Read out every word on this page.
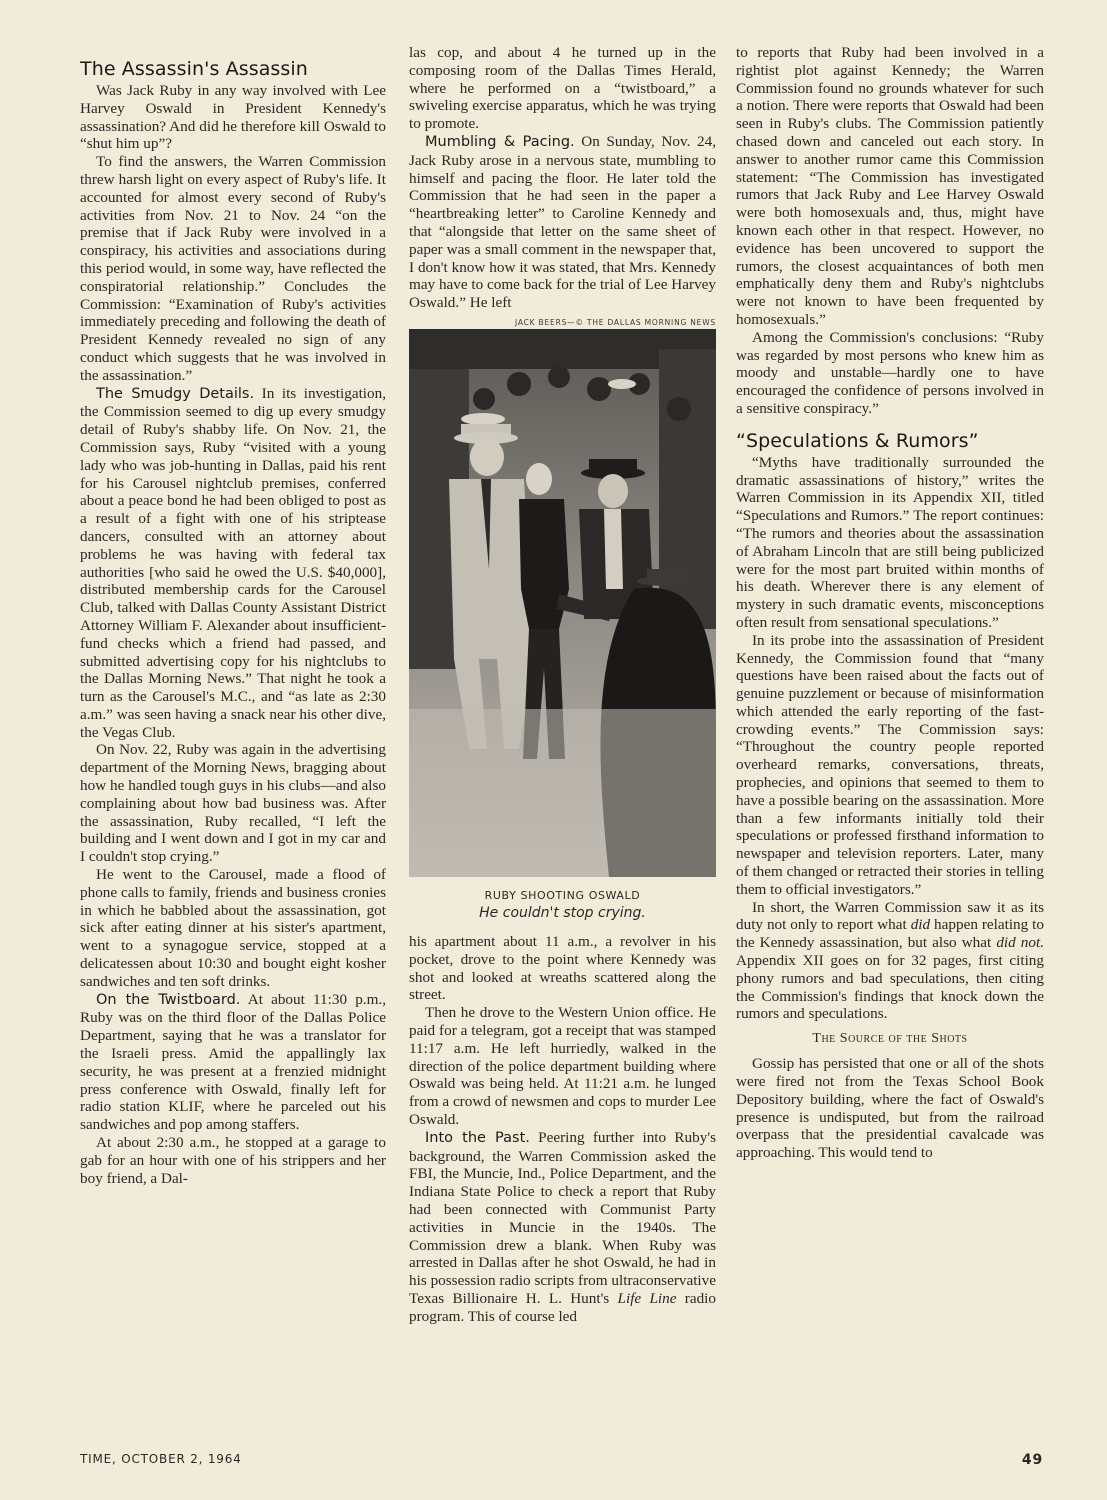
The Assassin's Assassin

Was Jack Ruby in any way involved with Lee Harvey Oswald in President Kennedy's assassination? And did he therefore kill Oswald to “shut him up”?

To find the answers, the Warren Commission threw harsh light on every aspect of Ruby's life. It accounted for almost every second of Ruby's activities from Nov. 21 to Nov. 24 “on the premise that if Jack Ruby were involved in a conspiracy, his activities and associations during this period would, in some way, have reflected the conspiratorial relationship.” Concludes the Commission: “Examination of Ruby's activities immediately preceding and following the death of President Kennedy revealed no sign of any conduct which suggests that he was involved in the assassination.”

The Smudgy Details. In its investigation, the Commission seemed to dig up every smudgy detail of Ruby's shabby life. On Nov. 21, the Commission says, Ruby “visited with a young lady who was job-hunting in Dallas, paid his rent for his Carousel nightclub premises, conferred about a peace bond he had been obliged to post as a result of a fight with one of his striptease dancers, consulted with an attorney about problems he was having with federal tax authorities [who said he owed the U.S. $40,000], distributed membership cards for the Carousel Club, talked with Dallas County Assistant District Attorney William F. Alexander about insufficient-fund checks which a friend had passed, and submitted advertising copy for his nightclubs to the Dallas Morning News.” That night he took a turn as the Carousel's M.C., and “as late as 2:30 a.m.” was seen having a snack near his other dive, the Vegas Club.

On Nov. 22, Ruby was again in the advertising department of the Morning News, bragging about how he handled tough guys in his clubs—and also complaining about how bad business was. After the assassination, Ruby recalled, “I left the building and I went down and I got in my car and I couldn't stop crying.”

He went to the Carousel, made a flood of phone calls to family, friends and business cronies in which he babbled about the assassination, got sick after eating dinner at his sister's apartment, went to a synagogue service, stopped at a delicatessen about 10:30 and bought eight kosher sandwiches and ten soft drinks.

On the Twistboard. At about 11:30 p.m., Ruby was on the third floor of the Dallas Police Department, saying that he was a translator for the Israeli press. Amid the appallingly lax security, he was present at a frenzied midnight press conference with Oswald, finally left for radio station KLIF, where he parceled out his sandwiches and pop among staffers.

At about 2:30 a.m., he stopped at a garage to gab for an hour with one of his strippers and her boy friend, a Dal-

las cop, and about 4 he turned up in the composing room of the Dallas Times Herald, where he performed on a “twistboard,” a swiveling exercise apparatus, which he was trying to promote.

Mumbling & Pacing. On Sunday, Nov. 24, Jack Ruby arose in a nervous state, mumbling to himself and pacing the floor. He later told the Commission that he had seen in the paper a “heartbreaking letter” to Caroline Kennedy and that “alongside that letter on the same sheet of paper was a small comment in the newspaper that, I don't know how it was stated, that Mrs. Kennedy may have to come back for the trial of Lee Harvey Oswald.” He left

JACK BEERS—© THE DALLAS MORNING NEWS
RUBY SHOOTING OSWALD
He couldn't stop crying.

his apartment about 11 a.m., a revolver in his pocket, drove to the point where Kennedy was shot and looked at wreaths scattered along the street.

Then he drove to the Western Union office. He paid for a telegram, got a receipt that was stamped 11:17 a.m. He left hurriedly, walked in the direction of the police department building where Oswald was being held. At 11:21 a.m. he lunged from a crowd of newsmen and cops to murder Lee Oswald.

Into the Past. Peering further into Ruby's background, the Warren Commission asked the FBI, the Muncie, Ind., Police Department, and the Indiana State Police to check a report that Ruby had been connected with Communist Party activities in Muncie in the 1940s. The Commission drew a blank. When Ruby was arrested in Dallas after he shot Oswald, he had in his possession radio scripts from ultraconservative Texas Billionaire H. L. Hunt's Life Line radio program. This of course led

to reports that Ruby had been involved in a rightist plot against Kennedy; the Warren Commission found no grounds whatever for such a notion. There were reports that Oswald had been seen in Ruby's clubs. The Commission patiently chased down and canceled out each story. In answer to another rumor came this Commission statement: “The Commission has investigated rumors that Jack Ruby and Lee Harvey Oswald were both homosexuals and, thus, might have known each other in that respect. However, no evidence has been uncovered to support the rumors, the closest acquaintances of both men emphatically deny them and Ruby's nightclubs were not known to have been frequented by homosexuals.”

Among the Commission's conclusions: “Ruby was regarded by most persons who knew him as moody and unstable—hardly one to have encouraged the confidence of persons involved in a sensitive conspiracy.”

“Speculations & Rumors”

“Myths have traditionally surrounded the dramatic assassinations of history,” writes the Warren Commission in its Appendix XII, titled “Speculations and Rumors.” The report continues: “The rumors and theories about the assassination of Abraham Lincoln that are still being publicized were for the most part bruited within months of his death. Wherever there is any element of mystery in such dramatic events, misconceptions often result from sensational speculations.”

In its probe into the assassination of President Kennedy, the Commission found that “many questions have been raised about the facts out of genuine puzzlement or because of misinformation which attended the early reporting of the fast-crowding events.” The Commission says: “Throughout the country people reported overheard remarks, conversations, threats, prophecies, and opinions that seemed to them to have a possible bearing on the assassination. More than a few informants initially told their speculations or professed firsthand information to newspaper and television reporters. Later, many of them changed or retracted their stories in telling them to official investigators.”

In short, the Warren Commission saw it as its duty not only to report what did happen relating to the Kennedy assassination, but also what did not. Appendix XII goes on for 32 pages, first citing phony rumors and bad speculations, then citing the Commission's findings that knock down the rumors and speculations.

The Source of the Shots

Gossip has persisted that one or all of the shots were fired not from the Texas School Book Depository building, where the fact of Oswald's presence is undisputed, but from the railroad overpass that the presidential cavalcade was approaching. This would tend to

TIME, OCTOBER 2, 1964	49
